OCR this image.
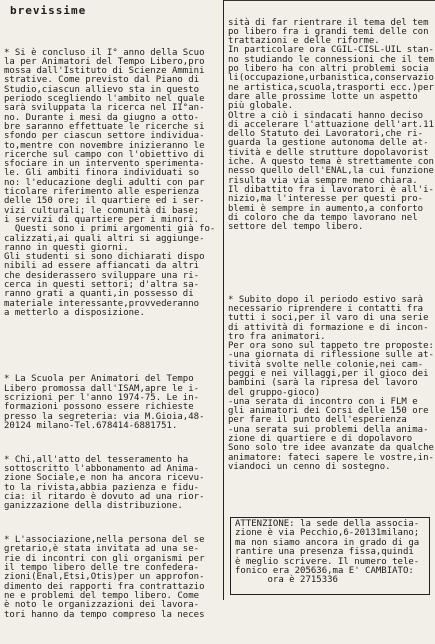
brevissime

* Si è concluso il I° anno della Scuo
la per Animatori del Tempo Libero,pro
mossa dall'Istituto di Scienze Ammini
strative. Come previsto dal Piano di
Studio,ciascun allievo sta in questo
periodo scegliendo l'ambito nel quale
sarà sviluppata la ricerca nel II°an-
no. Durante i mesi da giugno a otto-
bre saranno effettuate le ricerche si
sfondo per ciascun settore individua-
to,mentre con novembre inizieranno le
ricerche sul campo con l'obiettivo di
sfociare in un intervento sperimenta-
le. Gli ambiti finora individuati so
no: l'educazione degli adulti con par
ticolare riferimento alle esperienza
delle 150 ore; il quartiere ed i ser-
vizi culturali; le comunità di base;
i servizi di quartiere per i minori.
Questi sono i primi argomenti già fo-
calizzati,ai quali altri si aggiunge-
ranno in questi giorni.
Gli studenti si sono dichiarati dispo
nibili ad essere affiancati da altri
che desiderassero sviluppare una ri-
cerca in questi settori; d'altra sa-
ranno grati a quanti,in possesso di
materiale interessante,provvederanno
a metterlo a disposizione.

* La Scuola per Animatori del Tempo
Libero promossa dall'ISAM,apre le i-
scrizioni per l'anno 1974-75. Le in-
formazioni possono essere richieste
presso la segreteria: via M.Gioia,48-
20124 milano-Tel.678414-6881751.

* Chi,all'atto del tesseramento ha
sottoscritto l'abbonamento ad Anima-
zione Sociale,e non ha ancora ricevu-
to la rivista,abbia pazienza e fidu-
cia: il ritardo è dovuto ad una rior-
ganizzazione della distribuzione.

* L'associazione,nella persona del se
gretario,è stata invitata ad una se-
rie di incontri con gli organismi per
il tempo libero delle tre confedera-
zioni(Enal,Etsi,Otis)per un approfon-
dimento dei rapporti fra contrattazio
ne e problemi del tempo libero. Come
è noto le organizzazioni dei lavora-
tori hanno da tempo compreso la neces

sità di far rientrare il tema del tem
po libero fra i grandi temi delle con
trattazioni e delle riforme.
In particolare ora CGIL-CISL-UIL stan-
no studiando le connessioni che il tem
po libero ha con altri problemi socia
li(occupazione,urbanistica,conservazio
ne artistica,scuola,trasporti ecc.)per
dare alle prossime lotte un aspetto
più globale.
Oltre a ciò i sindacati hanno deciso
di accelerare l'attuazione dell'art.11
dello Statuto dei Lavoratori,che ri-
guarda la gestione autonoma delle at-
tività e delle strutture dopolavorist
iche. A questo tema è strettamente con
nesso quello dell'ENAL,la cui funzione
risulta via via sempre meno chiara.
Il dibattito fra i lavoratori è all'i-
nizio,ma l'interesse per questi pro-
blemi è sempre in aumento,a conforto
di coloro che da tempo lavorano nel
settore del tempo libero.

* Subito dopo il periodo estivo sarà
necessario riprendere i contatti fra
tutti i soci,per il varo di una serie
di attività di formazione e di incon-
tro fra animatori.
Per ora sono sul tappeto tre proposte:
-una giornata di riflessione sulle at-
tività svolte nelle colonie,nei cam-
peggi e nei villaggi,per il gioco dei
bambini (sarà la ripresa del lavoro
del gruppo-gioco)
-una serata di incontro con i FLM e
gli animatori dei Corsi delle 150 ore
per fare il punto dell'esperienza
-una serata sui problemi della anima-
zione di quartiere e di dopolavoro
Sono solo tre idee avanzate da qualche
animatore: fateci sapere le vostre,in-
viandoci un cenno di sostegno.

ATTENZIONE: la sede della associa-
zione è via Pecchio,6-20131milano;
ma non siamo ancora in grado di ga
rantire una presenza fissa,quindi
è meglio scrivere. Il numero tele-
fonico era 205636,ma E' CAMBIATO:
ora è 2715336
